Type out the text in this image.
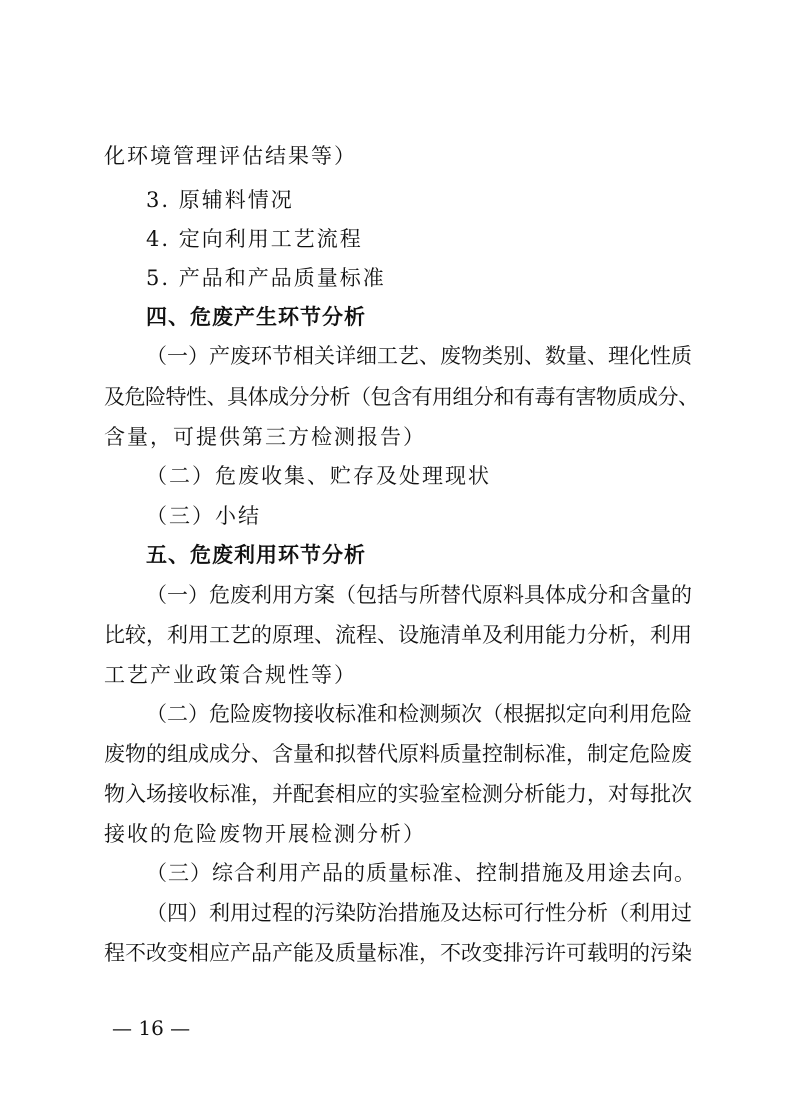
化环境管理评估结果等）
3. 原辅料情况
4. 定向利用工艺流程
5. 产品和产品质量标准
四、危废产生环节分析
（一）产废环节相关详细工艺、废物类别、数量、理化性质
及危险特性、具体成分分析（包含有用组分和有毒有害物质成分、
含量，可提供第三方检测报告）
（二）危废收集、贮存及处理现状
（三）小结
五、危废利用环节分析
（一）危废利用方案（包括与所替代原料具体成分和含量的
比较，利用工艺的原理、流程、设施清单及利用能力分析，利用
工艺产业政策合规性等）
（二）危险废物接收标准和检测频次（根据拟定向利用危险
废物的组成成分、含量和拟替代原料质量控制标准，制定危险废
物入场接收标准，并配套相应的实验室检测分析能力，对每批次
接收的危险废物开展检测分析）
（三）综合利用产品的质量标准、控制措施及用途去向。
（四）利用过程的污染防治措施及达标可行性分析（利用过
程不改变相应产品产能及质量标准，不改变排污许可载明的污染
— 16 —
